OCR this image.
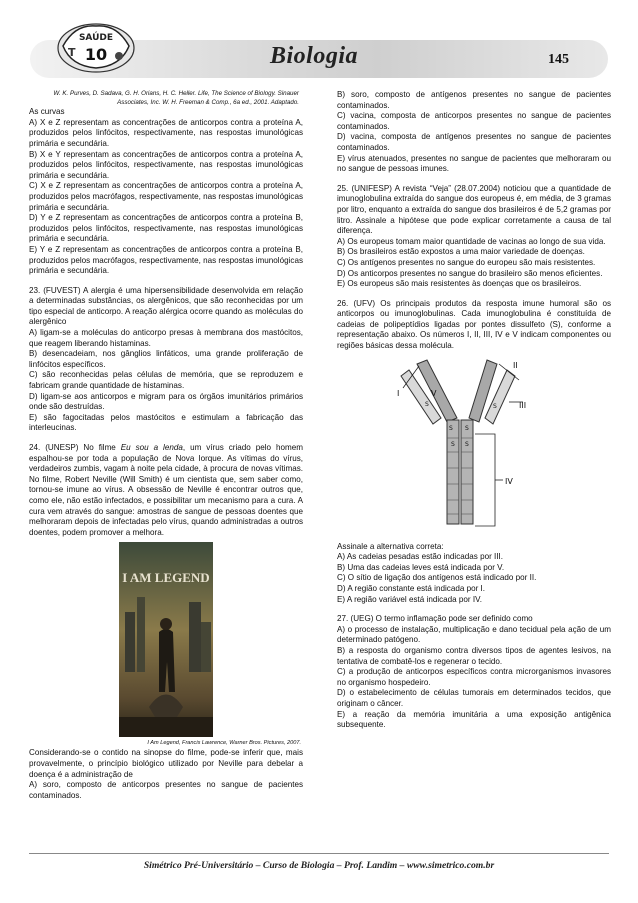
SAÚDE
10
T	Biologia	145

W. K. Purves, D. Sadava, G. H. Orians, H. C. Heller. Life, The Science of Biology. Sinauer Associates, Inc. W. H. Freeman & Comp., 6a ed., 2001. Adaptado.

As curvas

A) X e Z representam as concentrações de anticorpos contra a proteína A, produzidos pelos linfócitos, respectivamente, nas respostas imunológicas primária e secundária.

B) X e Y representam as concentrações de anticorpos contra a proteína A, produzidos pelos linfócitos, respectivamente, nas respostas imunológicas primária e secundária.

C) X e Z representam as concentrações de anticorpos contra a proteína A, produzidos pelos macrófagos, respectivamente, nas respostas imunológicas primária e secundária.

D) Y e Z representam as concentrações de anticorpos contra a proteína B, produzidos pelos linfócitos, respectivamente, nas respostas imunológicas primária e secundária.

E) Y e Z representam as concentrações de anticorpos contra a proteína B, produzidos pelos macrófagos, respectivamente, nas respostas imunológicas primária e secundária.

23. (FUVEST) A alergia é uma hipersensibilidade desenvolvida em relação a determinadas substâncias, os alergênicos, que são reconhecidas por um tipo especial de anticorpo. A reação alérgica ocorre quando as moléculas do alergênico

A) ligam-se a moléculas do anticorpo presas à membrana dos mastócitos, que reagem liberando histaminas.

B) desencadeiam, nos gânglios linfáticos, uma grande proliferação de linfócitos específicos.

C) são reconhecidas pelas células de memória, que se reproduzem e fabricam grande quantidade de histaminas.

D) ligam-se aos anticorpos e migram para os órgãos imunitários primários onde são destruídas.

E) são fagocitadas pelos mastócitos e estimulam a fabricação das interleucinas.

24. (UNESP) No filme Eu sou a lenda, um vírus criado pelo homem espalhou-se por toda a população de Nova Iorque. As vítimas do vírus, verdadeiros zumbis, vagam à noite pela cidade, à procura de novas vítimas. No filme, Robert Neville (Will Smith) é um cientista que, sem saber como, tornou-se imune ao vírus. A obsessão de Neville é encontrar outros que, como ele, não estão infectados, e possibilitar um mecanismo para a cura. A cura vem através do sangue: amostras de sangue de pessoas doentes que melhoraram depois de infectadas pelo vírus, quando administradas a outros doentes, podem promover a melhora.

I AM LEGEND

I Am Legend, Francis Lawrence, Warner Bros. Pictures, 2007.

Considerando-se o contido na sinopse do filme, pode-se inferir que, mais provavelmente, o princípio biológico utilizado por Neville para debelar a doença é a administração de

A) soro, composto de anticorpos presentes no sangue de pacientes contaminados.

B) soro, composto de antígenos presentes no sangue de pacientes contaminados.

C) vacina, composta de anticorpos presentes no sangue de pacientes contaminados.

D) vacina, composta de antígenos presentes no sangue de pacientes contaminados.

E) vírus atenuados, presentes no sangue de pacientes que melhoraram ou no sangue de pessoas imunes.

25. (UNIFESP) A revista “Veja” (28.07.2004) noticiou que a quantidade de imunoglobulina extraída do sangue dos europeus é, em média, de 3 gramas por litro, enquanto a extraída do sangue dos brasileiros é de 5,2 gramas por litro. Assinale a hipótese que pode explicar corretamente a causa de tal diferença.

A) Os europeus tomam maior quantidade de vacinas ao longo de sua vida.

B) Os brasileiros estão expostos a uma maior variedade de doenças.

C) Os antígenos presentes no sangue do europeu são mais resistentes.

D) Os anticorpos presentes no sangue do brasileiro são menos eficientes.

E) Os europeus são mais resistentes às doenças que os brasileiros.

26. (UFV) Os principais produtos da resposta imune humoral são os anticorpos ou imunoglobulinas. Cada imunoglobulina é constituída de cadeias de polipeptídios ligadas por pontes dissulfeto (S), conforme a representação abaixo. Os números I, II, III, IV e V indicam componentes ou regiões básicas dessa molécula.

I
II
III
IV
V
S	S
S S
S S

Assinale a alternativa correta:

A) As cadeias pesadas estão indicadas por III.

B) Uma das cadeias leves está indicada por V.

C) O sítio de ligação dos antígenos está indicado por II.

D) A região constante está indicada por I.

E) A região variável está indicada por IV.

27. (UEG) O termo inflamação pode ser definido como

A) o processo de instalação, multiplicação e dano tecidual pela ação de um determinado patógeno.

B) a resposta do organismo contra diversos tipos de agentes lesivos, na tentativa de combatê-los e regenerar o tecido.

C) a produção de anticorpos específicos contra microrganismos invasores no organismo hospedeiro.

D) o estabelecimento de células tumorais em determinados tecidos, que originam o câncer.

E) a reação da memória imunitária a uma exposição antigênica subsequente.

Simétrico Pré-Universitário – Curso de Biologia – Prof. Landim – www.simetrico.com.br
